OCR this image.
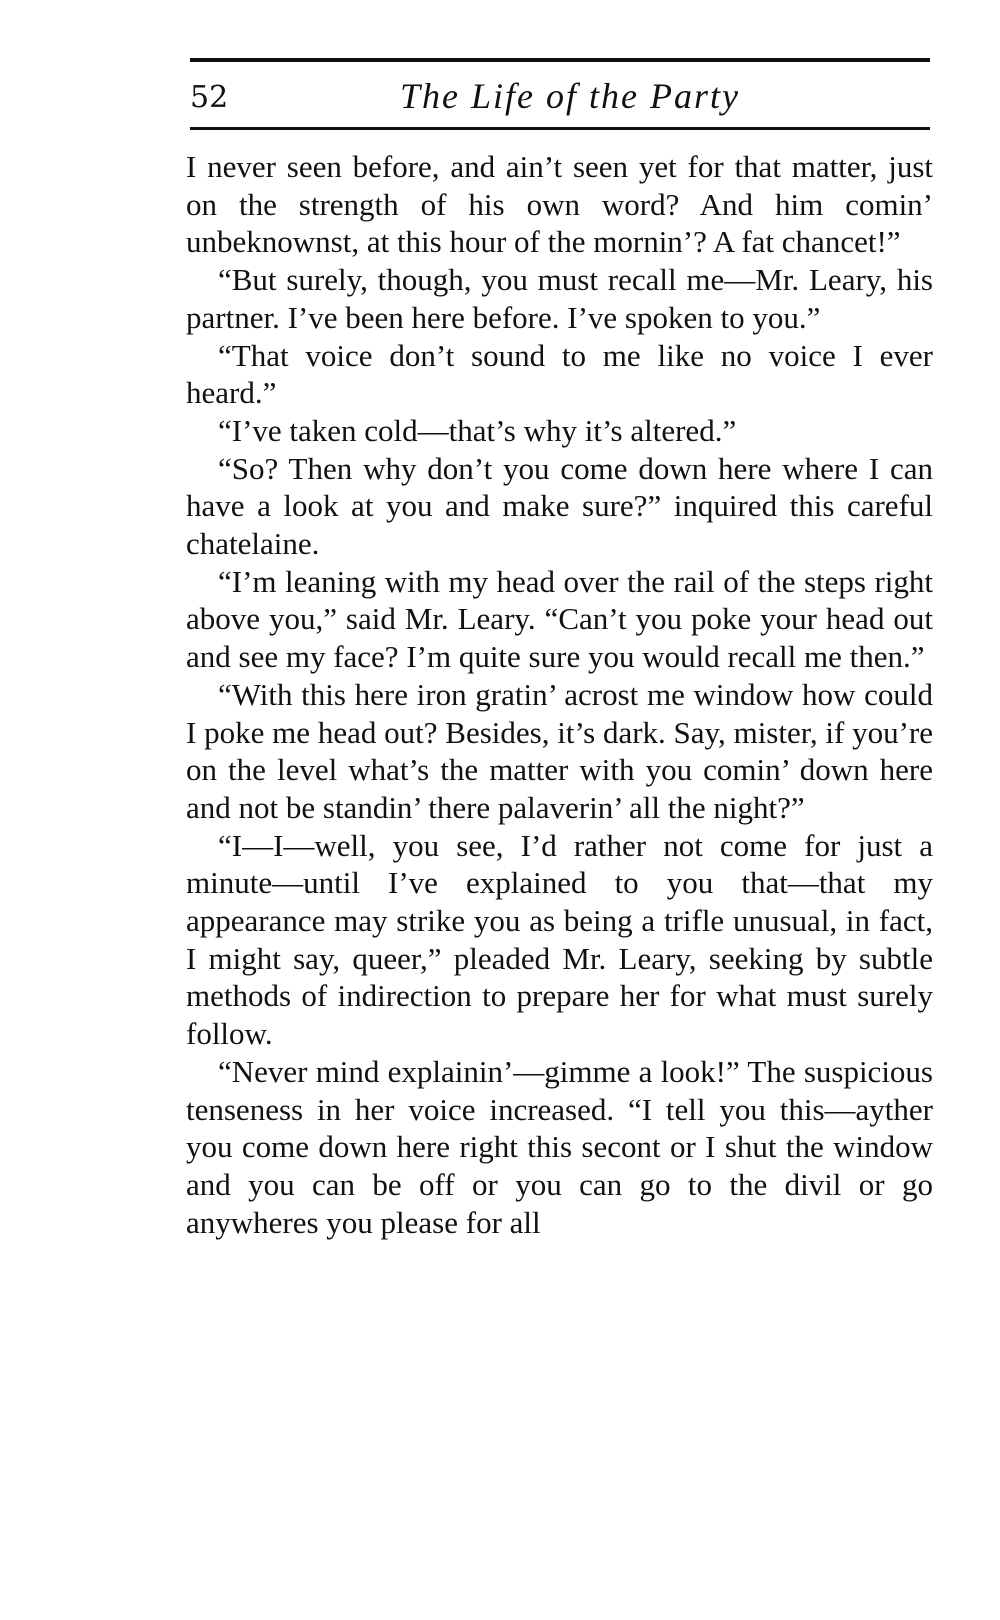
52	The Life of the Party

I never seen before, and ain’t seen yet for that matter, just on the strength of his own word? And him comin’ unbeknownst, at this hour of the mornin’? A fat chancet!”

“But surely, though, you must recall me—Mr. Leary, his partner. I’ve been here before. I’ve spoken to you.”

“That voice don’t sound to me like no voice I ever heard.”

“I’ve taken cold—that’s why it’s altered.”

“So? Then why don’t you come down here where I can have a look at you and make sure?” inquired this careful chatelaine.

“I’m leaning with my head over the rail of the steps right above you,” said Mr. Leary. “Can’t you poke your head out and see my face? I’m quite sure you would recall me then.”

“With this here iron gratin’ acrost me window how could I poke me head out? Besides, it’s dark. Say, mister, if you’re on the level what’s the matter with you comin’ down here and not be standin’ there palaverin’ all the night?”

“I—I—well, you see, I’d rather not come for just a minute—until I’ve explained to you that—that my appearance may strike you as being a trifle unusual, in fact, I might say, queer,” pleaded Mr. Leary, seeking by subtle methods of indirection to prepare her for what must surely follow.

“Never mind explainin’—gimme a look!” The suspicious tenseness in her voice increased. “I tell you this—ayther you come down here right this secont or I shut the window and you can be off or you can go to the divil or go anywheres you please for all
